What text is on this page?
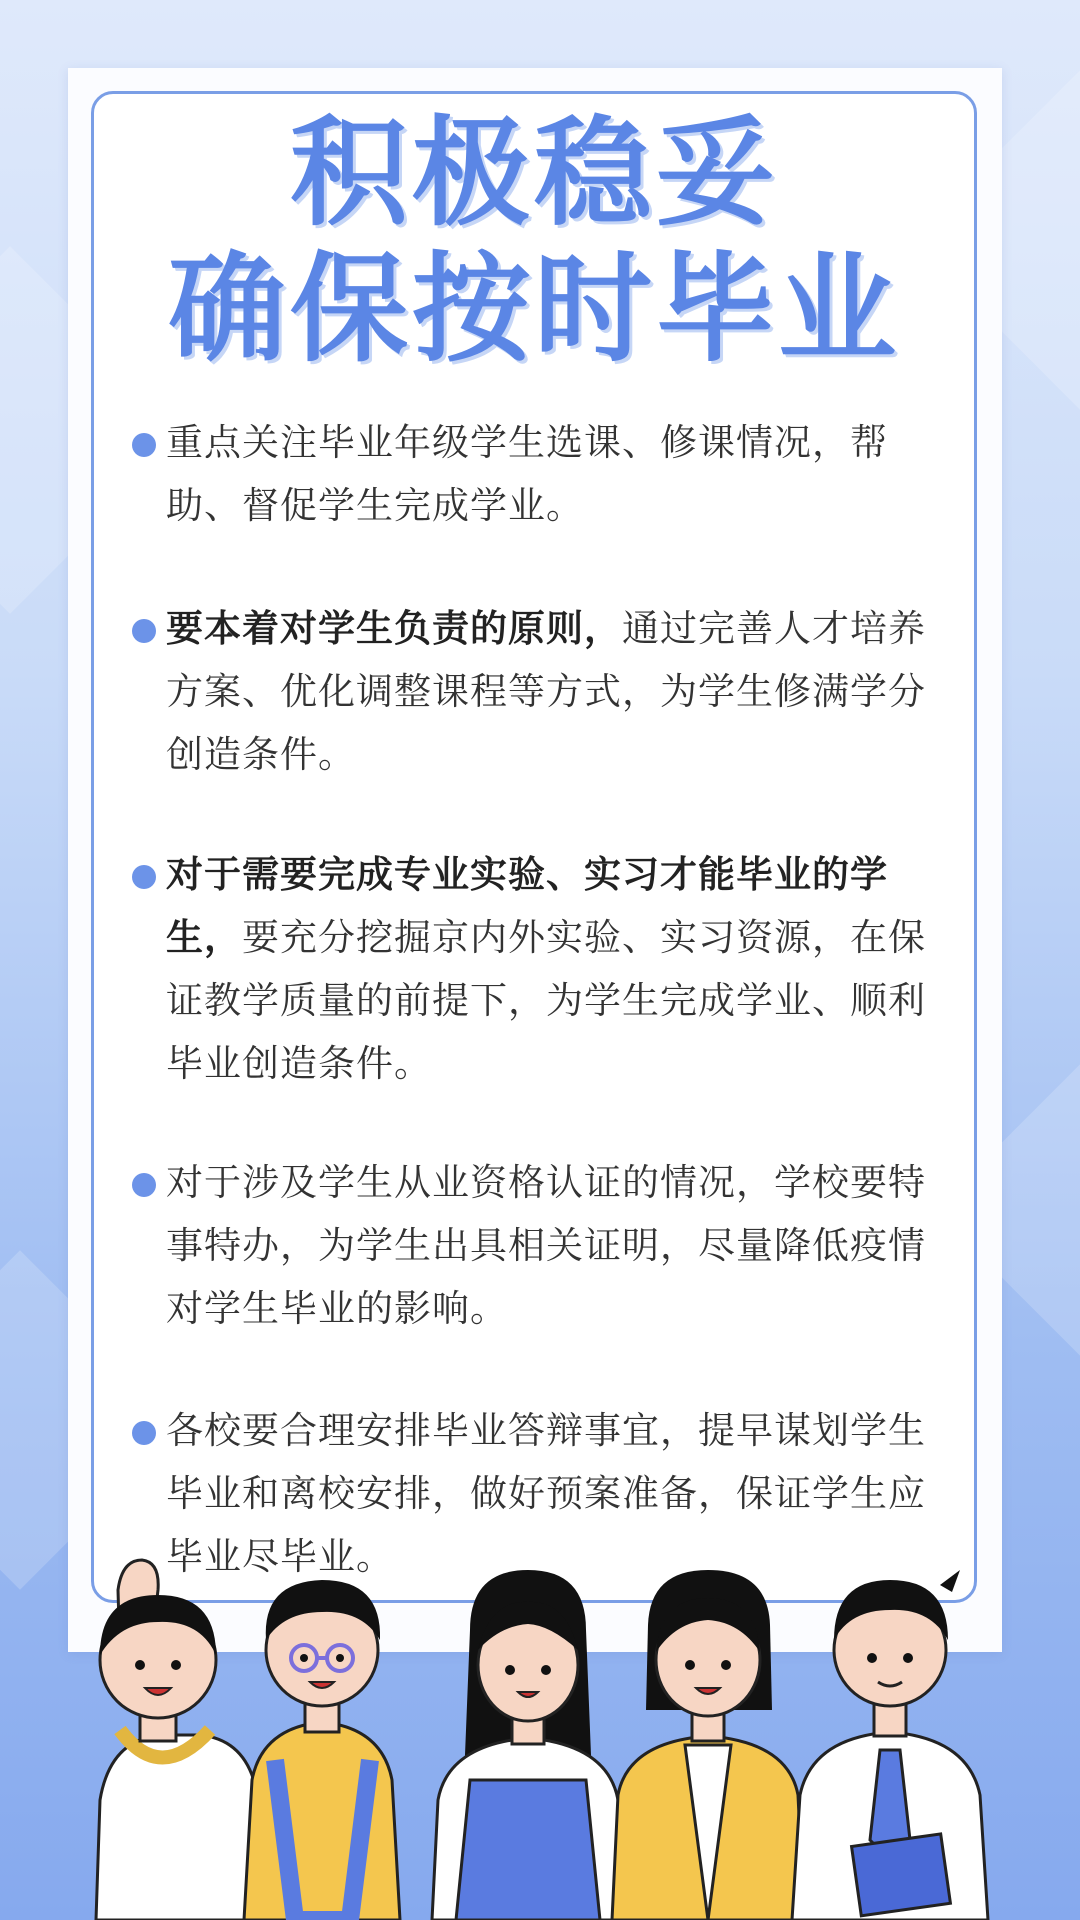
积极稳妥
确保按时毕业
重点关注毕业年级学生选课、修课情况，帮助、督促学生完成学业。
要本着对学生负责的原则，通过完善人才培养方案、优化调整课程等方式，为学生修满学分创造条件。
对于需要完成专业实验、实习才能毕业的学生，要充分挖掘京内外实验、实习资源，在保证教学质量的前提下，为学生完成学业、顺利毕业创造条件。
对于涉及学生从业资格认证的情况，学校要特事特办，为学生出具相关证明，尽量降低疫情对学生毕业的影响。
各校要合理安排毕业答辩事宜，提早谋划学生毕业和离校安排，做好预案准备，保证学生应毕业尽毕业。
